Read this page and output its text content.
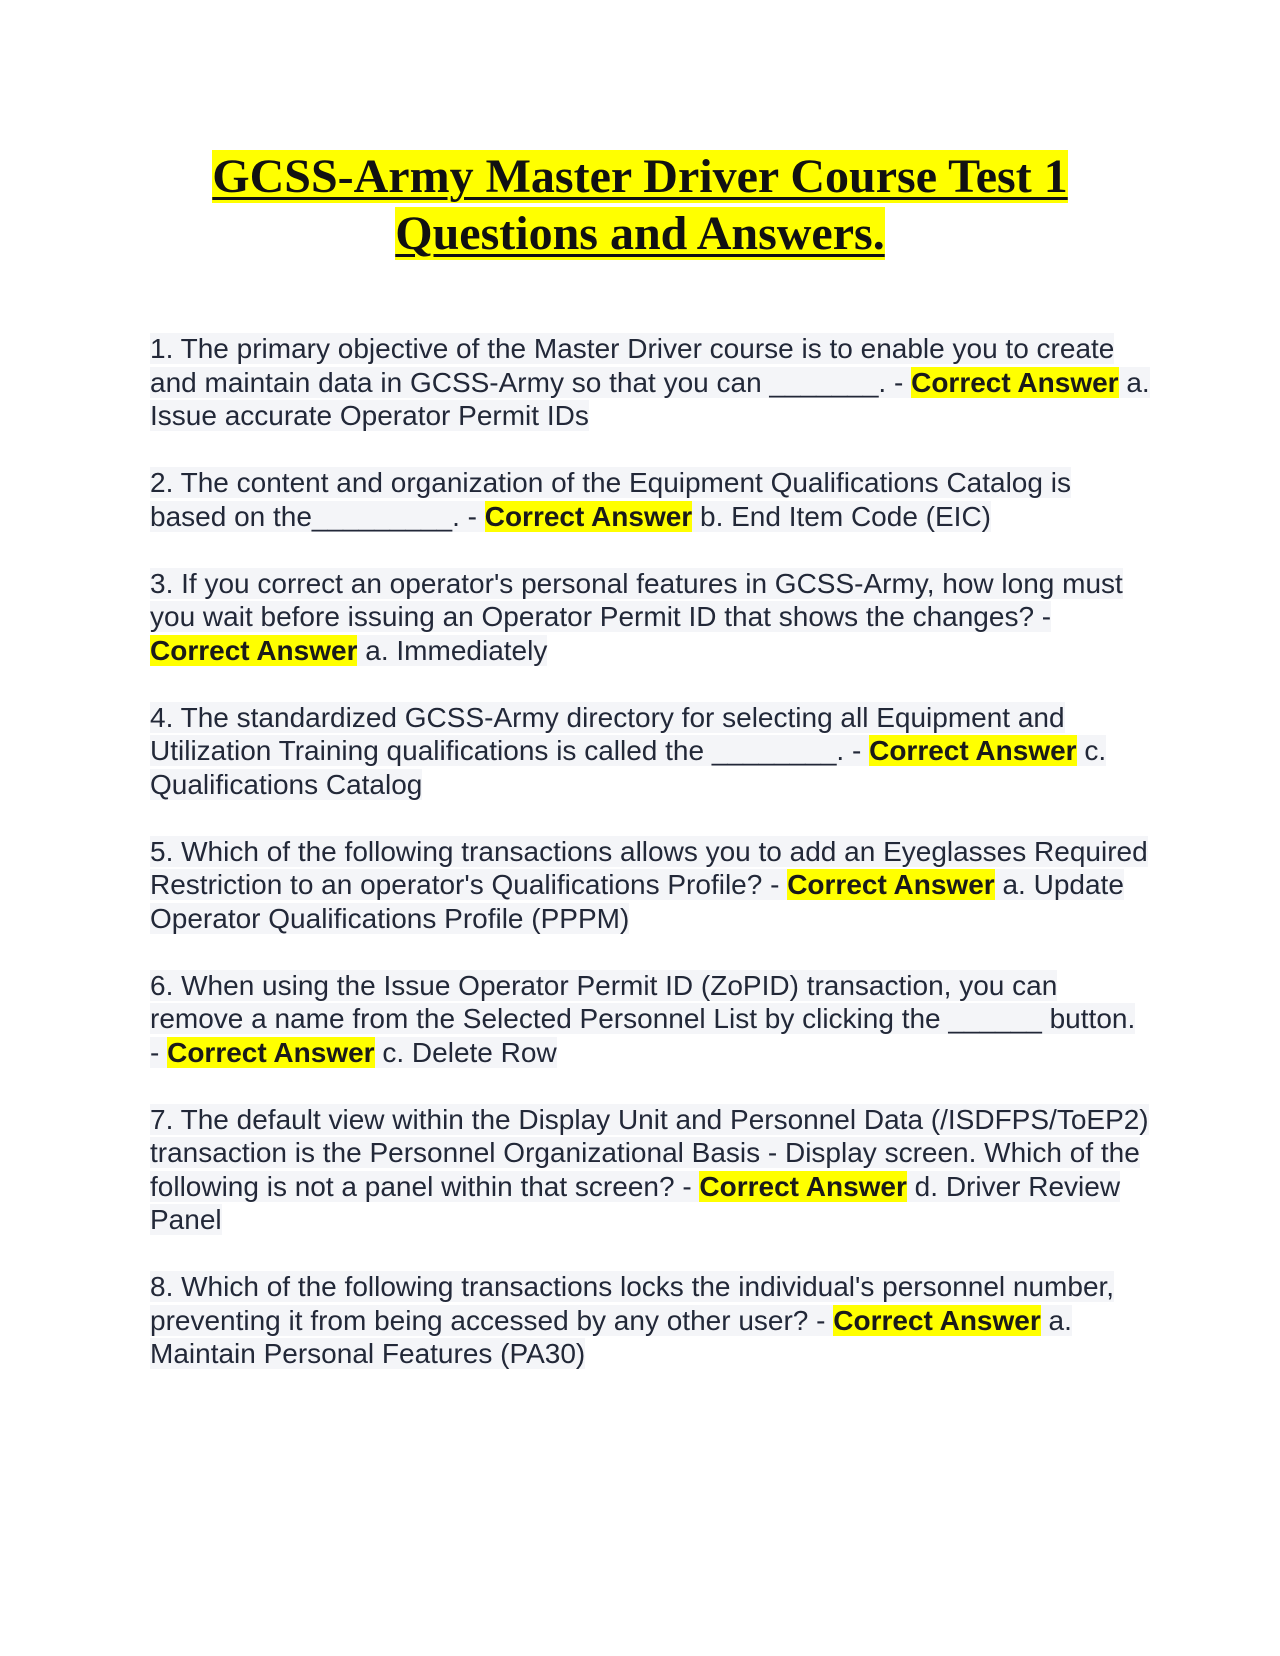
GCSS-Army Master Driver Course Test 1
Questions and Answers.

1. The primary objective of the Master Driver course is to enable you to create and maintain data in GCSS-Army so that you can _______. - Correct Answer a. Issue accurate Operator Permit IDs

2. The content and organization of the Equipment Qualifications Catalog is based on the_________. - Correct Answer b. End Item Code (EIC)

3. If you correct an operator's personal features in GCSS-Army, how long must you wait before issuing an Operator Permit ID that shows the changes? - Correct Answer a. Immediately

4. The standardized GCSS-Army directory for selecting all Equipment and Utilization Training qualifications is called the ________. - Correct Answer c. Qualifications Catalog

5. Which of the following transactions allows you to add an Eyeglasses Required Restriction to an operator's Qualifications Profile? - Correct Answer a. Update Operator Qualifications Profile (PPPM)

6. When using the Issue Operator Permit ID (ZoPID) transaction, you can remove a name from the Selected Personnel List by clicking the ______ button. - Correct Answer c. Delete Row

7. The default view within the Display Unit and Personnel Data (/ISDFPS/ToEP2) transaction is the Personnel Organizational Basis - Display screen. Which of the following is not a panel within that screen? - Correct Answer d. Driver Review Panel

8. Which of the following transactions locks the individual's personnel number, preventing it from being accessed by any other user? - Correct Answer a. Maintain Personal Features (PA30)
